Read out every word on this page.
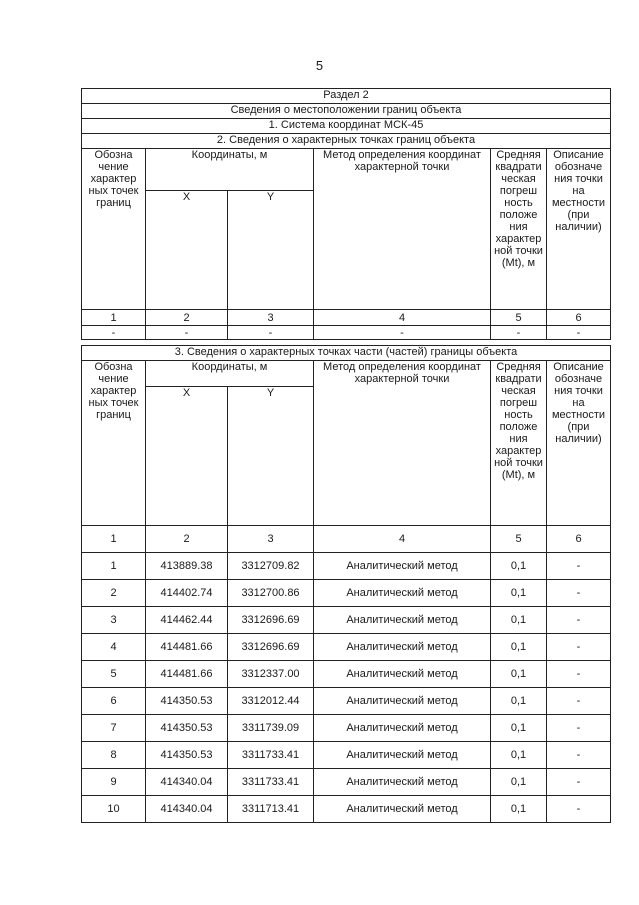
5
Раздел 2					
Сведения о местоположении границ объекта					
1. Система координат МСК-45					
2. Сведения о характерных точках границ объекта					
Обозна чение характер ных точек границ	Координаты, м		Метод определения координат характерной точки	Средняя квадрати ческая погреш ность положе ния характер ной точки (Mt), м	Описание обозначе ния точки на местности (при наличии)
	X	Y			
1	2	3	4	5	6
-	-	-	-	-	-

3. Сведения о характерных точках части (частей) границы объекта					
Обозна чение характер ных точек границ	Координаты, м		Метод определения координат характерной точки	Средняя квадрати ческая погреш ность положе ния характер ной точки (Mt), м	Описание обозначе ния точки на местности (при наличии)
	X	Y			
1	2	3	4	5	6
1	413889.38	3312709.82	Аналитический метод	0,1	-
2	414402.74	3312700.86	Аналитический метод	0,1	-
3	414462.44	3312696.69	Аналитический метод	0,1	-
4	414481.66	3312696.69	Аналитический метод	0,1	-
5	414481.66	3312337.00	Аналитический метод	0,1	-
6	414350.53	3312012.44	Аналитический метод	0,1	-
7	414350.53	3311739.09	Аналитический метод	0,1	-
8	414350.53	3311733.41	Аналитический метод	0,1	-
9	414340.04	3311733.41	Аналитический метод	0,1	-
10	414340.04	3311713.41	Аналитический метод	0,1	-
